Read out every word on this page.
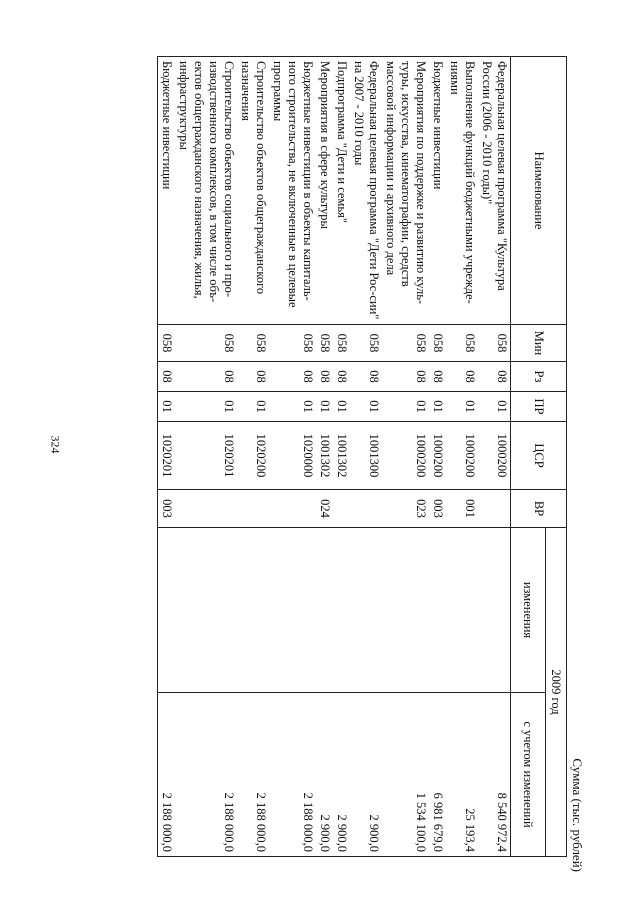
324
Сумма (тыс. рублей)
Наименование	Мин	Рз	ПР	ЦСР	ВР	2009 год	
						изменения	с учетом изменений
Федеральная целевая программа "Культура России (2006 - 2010 годы)"	058	08	01	1000200			8 540 972,4
Выполнение функций бюджетными учрежде-ниями	058	08	01	1000200	001		25 193,4
Бюджетные инвестиции	058	08	01	1000200	003		6 981 679,0
Мероприятия по поддержке и развитию куль-туры, искусства, кинематографии, средств массовой информации и архивного дела	058	08	01	1000200	023		1 534 100,0
Федеральная целевая программа "Дети Рос-сии" на 2007 - 2010 годы	058	08	01	1001300			2 900,0
Подпрограмма "Дети и семья"	058	08	01	1001302			2 900,0
Мероприятия в сфере культуры	058	08	01	1001302	024		2 900,0
Бюджетные инвестиции в объекты капиталь-ного строительства, не включенные в целевые программы	058	08	01	1020000			2 188 000,0
Строительство объектов общегражданского назначения	058	08	01	1020200			2 188 000,0
Строительство объектов социального и про-изводственного комплексов, в том числе объ-ектов общегражданского назначения, жилья, инфраструктуры	058	08	01	1020201			2 188 000,0
Бюджетные инвестиции	058	08	01	1020201	003		2 188 000,0
